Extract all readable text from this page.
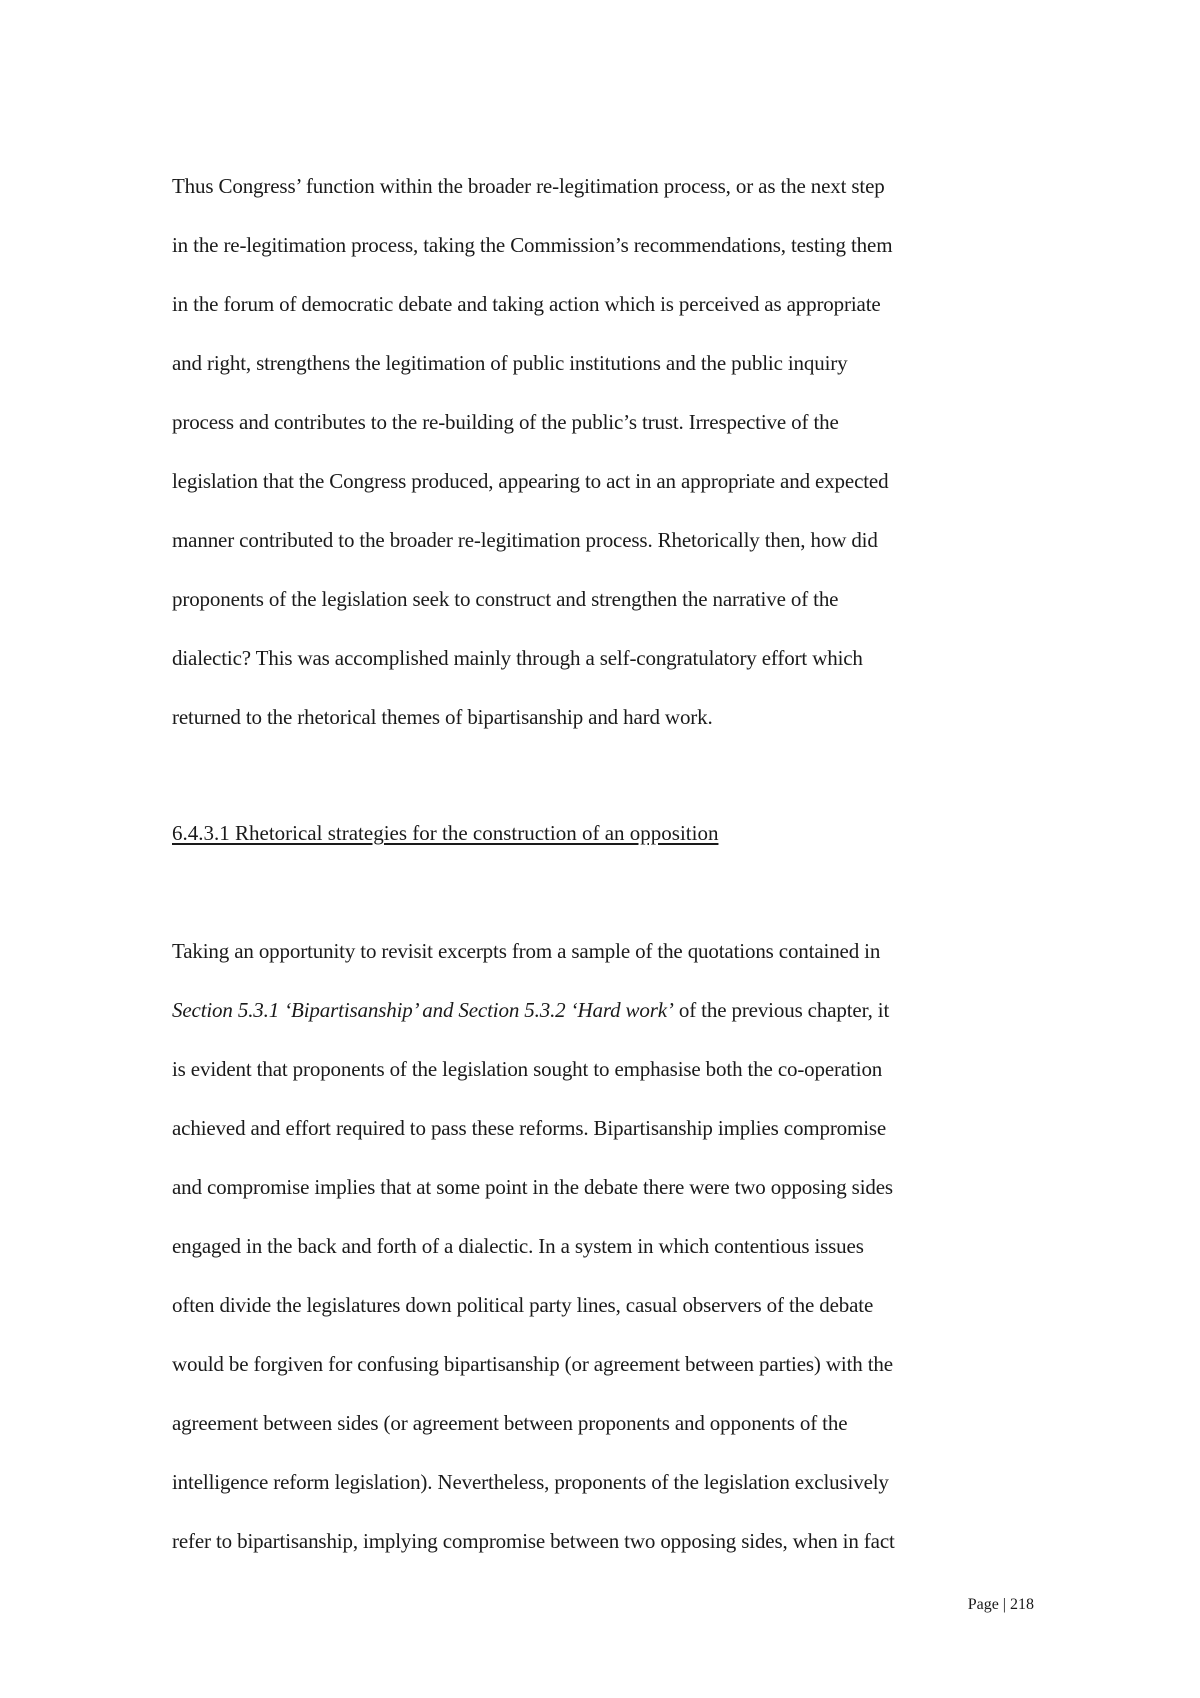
Thus Congress’ function within the broader re-legitimation process, or as the next step
in the re-legitimation process, taking the Commission’s recommendations, testing them
in the forum of democratic debate and taking action which is perceived as appropriate
and right, strengthens the legitimation of public institutions and the public inquiry
process and contributes to the re-building of the public’s trust. Irrespective of the
legislation that the Congress produced, appearing to act in an appropriate and expected
manner contributed to the broader re-legitimation process. Rhetorically then, how did
proponents of the legislation seek to construct and strengthen the narrative of the
dialectic? This was accomplished mainly through a self-congratulatory effort which
returned to the rhetorical themes of bipartisanship and hard work.
6.4.3.1 Rhetorical strategies for the construction of an opposition
Taking an opportunity to revisit excerpts from a sample of the quotations contained in
Section 5.3.1 ‘Bipartisanship’ and Section 5.3.2 ‘Hard work’ of the previous chapter, it
is evident that proponents of the legislation sought to emphasise both the co-operation
achieved and effort required to pass these reforms. Bipartisanship implies compromise
and compromise implies that at some point in the debate there were two opposing sides
engaged in the back and forth of a dialectic. In a system in which contentious issues
often divide the legislatures down political party lines, casual observers of the debate
would be forgiven for confusing bipartisanship (or agreement between parties) with the
agreement between sides (or agreement between proponents and opponents of the
intelligence reform legislation). Nevertheless, proponents of the legislation exclusively
refer to bipartisanship, implying compromise between two opposing sides, when in fact
Page | 218
